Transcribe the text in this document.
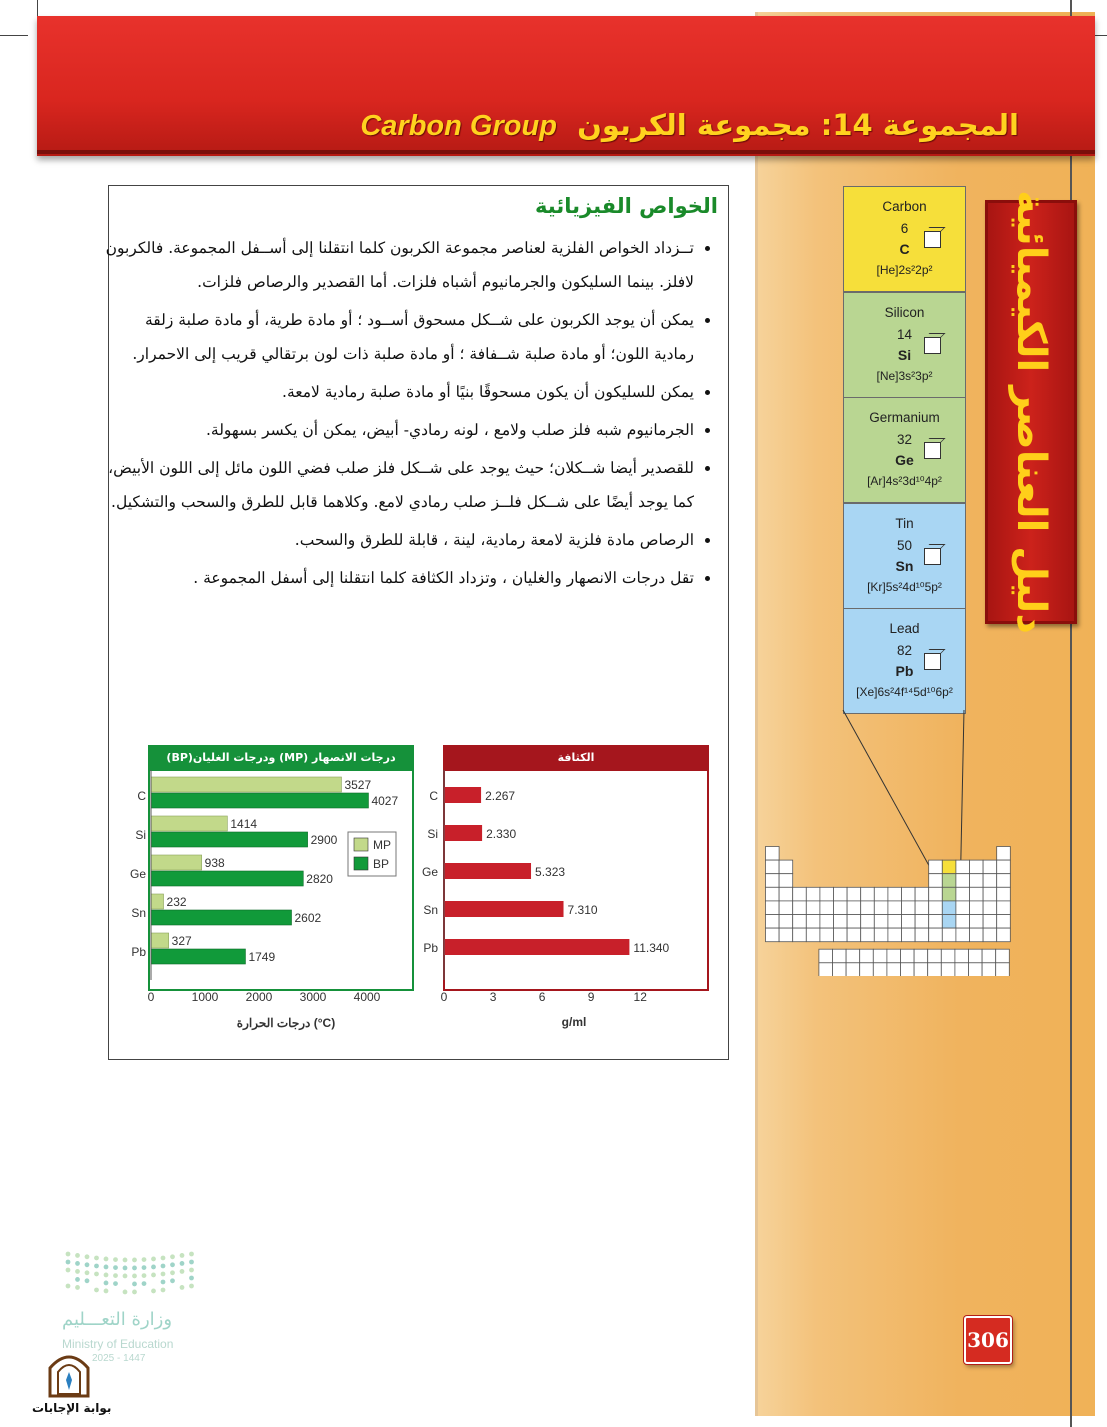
Carbon Group المجموعة 14: مجموعة الكربون
دليل العناصر الكيميائية
Carbon
6
C
[He]2s²2p²
Silicon
14
Si
[Ne]3s²3p²
Germanium
32
Ge
[Ar]4s²3d¹⁰4p²
Tin
50
Sn
[Kr]5s²4d¹⁰5p²
Lead
82
Pb
[Xe]6s²4f¹⁴5d¹⁰6p²
الخواص الفيزيائية
• تــزداد الخواص الفلزية لعناصر مجموعة الكربون كلما انتقلنا إلى أســفل المجموعة. فالكربون لافلز. بينما السليكون والجرمانيوم أشباه فلزات. أما القصدير والرصاص فلزات.
• يمكن أن يوجد الكربون على شــكل مسحوق أســود ؛ أو مادة طرية، أو مادة صلبة زلقة رمادية اللون؛ أو مادة صلبة شــفافة ؛ أو مادة صلبة ذات لون برتقالي قريب إلى الاحمرار.
• يمكن للسليكون أن يكون مسحوقًا بنيًا أو مادة صلبة رمادية لامعة.
• الجرمانيوم شبه فلز صلب ولامع ، لونه رمادي- أبيض، يمكن أن يكسر بسهولة.
• للقصدير أيضا شــكلان؛ حيث يوجد على شــكل فلز صلب فضي اللون مائل إلى اللون الأبيض، كما يوجد أيضًا على شــكل فلــز صلب رمادي لامع. وكلاهما قابل للطرق والسحب والتشكيل.
• الرصاص مادة فلزية لامعة رمادية، لينة ، قابلة للطرق والسحب.
• تقل درجات الانصهار والغليان ، وتزداد الكثافة كلما انتقلنا إلى أسفل المجموعة .
درجات الانصهار (MP) ودرجات الغليان(BP)
C
3527
4027
Si
1414
2900
Ge
938
2820
Sn
232
2602
Pb
327
1749
0	1000 2000 3000 4000
درجات الحرارة (°C)
MP
BP
الكثافة
C	2.267
Si	2.330
Ge	5.323
Sn	7.310
Pb	11.340
0	3	6	9	12
g/ml
وزارة التعـــليم
Ministry of Education
2025 - 1447
بوابة الإجابات
306
